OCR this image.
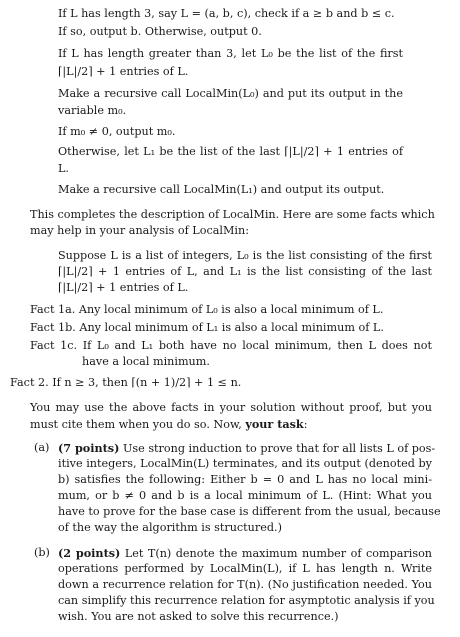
If L has length 3, say L = (a, b, c), check if a ≥ b and b ≤ c.
If so, output b. Otherwise, output 0.
If L has length greater than 3, let L₀ be the list of the first
⌈|L|/2⌉ + 1 entries of L.
Make a recursive call LocalMin(L₀) and put its output in the
variable m₀.
If m₀ ≠ 0, output m₀.
Otherwise, let L₁ be the list of the last ⌈|L|/2⌉ + 1 entries of
L.
Make a recursive call LocalMin(L₁) and output its output.
This completes the description of LocalMin. Here are some facts which
may help in your analysis of LocalMin:
Suppose L is a list of integers, L₀ is the list consisting of the first
⌈|L|/2⌉ + 1 entries of L, and L₁ is the list consisting of the last
⌈|L|/2⌉ + 1 entries of L.
Fact 1a. Any local minimum of L₀ is also a local minimum of L.
Fact 1b. Any local minimum of L₁ is also a local minimum of L.
Fact 1c. If L₀ and L₁ both have no local minimum, then L does not
have a local minimum.
Fact 2. If n ≥ 3, then ⌈(n + 1)/2⌉ + 1 ≤ n.
You may use the above facts in your solution without proof, but you
must cite them when you do so. Now, your task:
(a) (7 points) Use strong induction to prove that for all lists L of pos-
itive integers, LocalMin(L) terminates, and its output (denoted by
b) satisfies the following: Either b = 0 and L has no local mini-
mum, or b ≠ 0 and b is a local minimum of L. (Hint: What you
have to prove for the base case is different from the usual, because
of the way the algorithm is structured.)
(b) (2 points) Let T(n) denote the maximum number of comparison
operations performed by LocalMin(L), if L has length n. Write
down a recurrence relation for T(n). (No justification needed. You
can simplify this recurrence relation for asymptotic analysis if you
wish. You are not asked to solve this recurrence.)
